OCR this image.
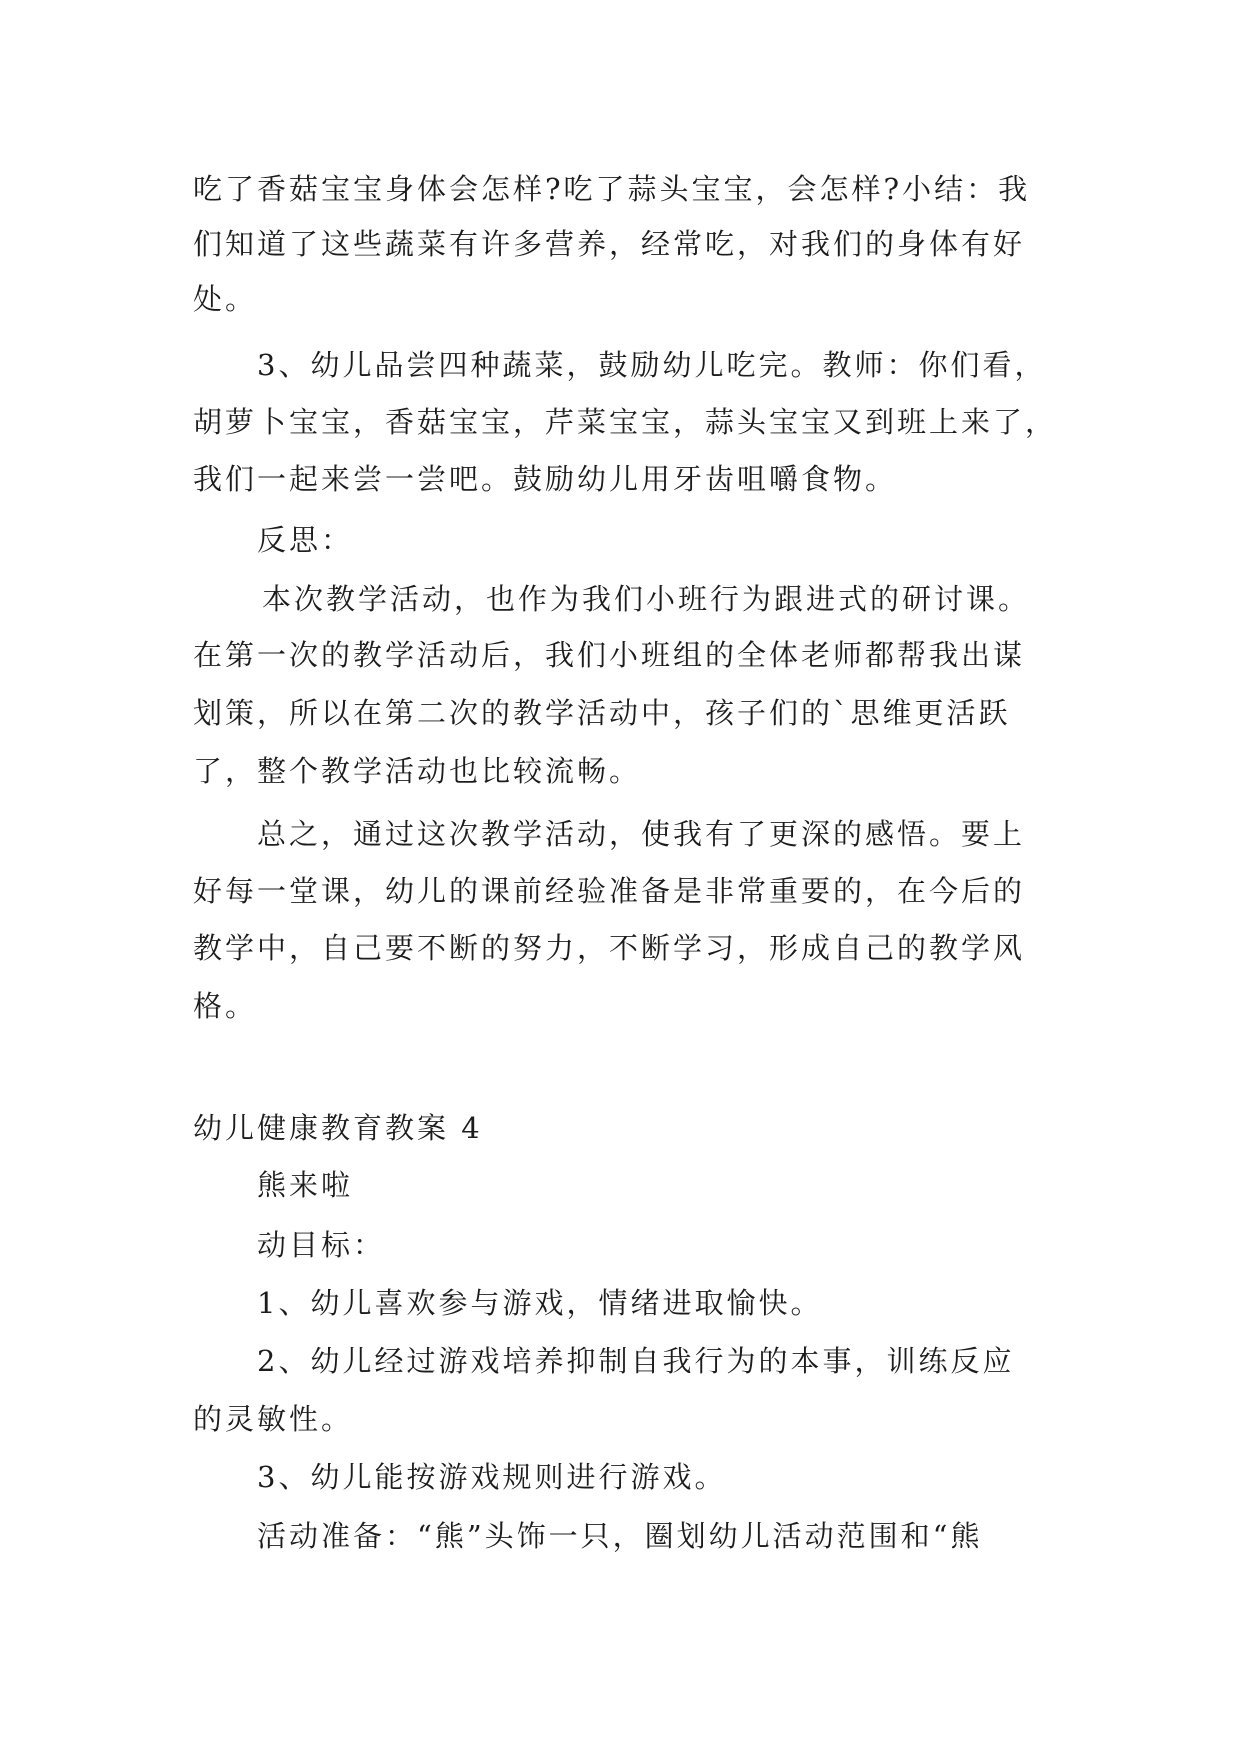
吃了香菇宝宝身体会怎样?吃了蒜头宝宝，会怎样?小结：我
们知道了这些蔬菜有许多营养，经常吃，对我们的身体有好
处。
3、幼儿品尝四种蔬菜，鼓励幼儿吃完。教师：你们看，
胡萝卜宝宝，香菇宝宝，芹菜宝宝，蒜头宝宝又到班上来了，
我们一起来尝一尝吧。鼓励幼儿用牙齿咀嚼食物。
反思：
本次教学活动，也作为我们小班行为跟进式的研讨课。
在第一次的教学活动后，我们小班组的全体老师都帮我出谋
划策，所以在第二次的教学活动中，孩子们的`思维更活跃
了，整个教学活动也比较流畅。
总之，通过这次教学活动，使我有了更深的感悟。要上
好每一堂课，幼儿的课前经验准备是非常重要的，在今后的
教学中，自己要不断的努力，不断学习，形成自己的教学风
格。
幼儿健康教育教案 4
熊来啦
动目标：
1、幼儿喜欢参与游戏，情绪进取愉快。
2、幼儿经过游戏培养抑制自我行为的本事，训练反应
的灵敏性。
3、幼儿能按游戏规则进行游戏。
活动准备：“熊”头饰一只，圈划幼儿活动范围和“熊
